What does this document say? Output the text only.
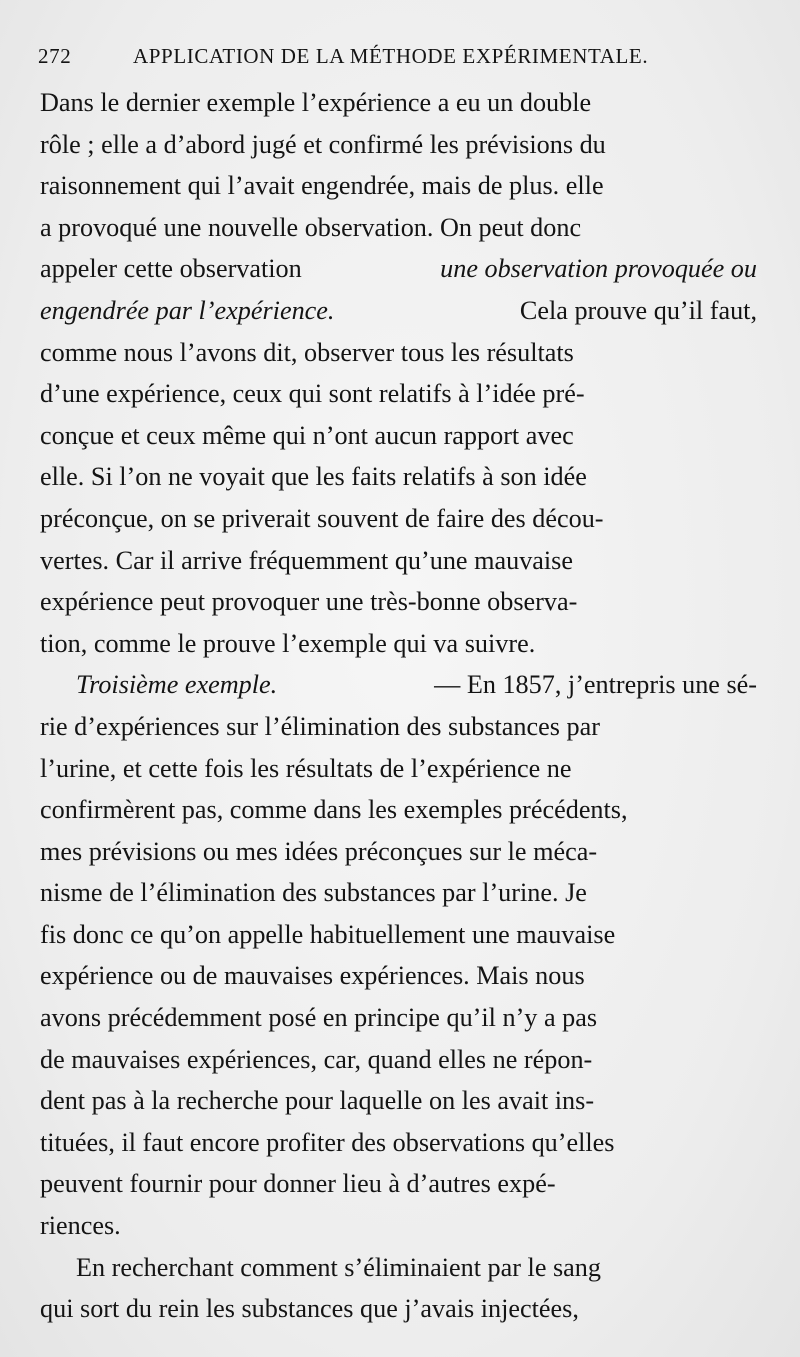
272	APPLICATION DE LA MÉTHODE EXPÉRIMENTALE.
Dans le dernier exemple l’expérience a eu un double
rôle ; elle a d’abord jugé et confirmé les prévisions du
raisonnement qui l’avait engendrée, mais de plus. elle
a provoqué une nouvelle observation. On peut donc
appeler cette observation	une observation provoquée ou
engendrée par l’expérience.	Cela prouve qu’il faut,
comme nous l’avons dit, observer tous les résultats
d’une expérience, ceux qui sont relatifs à l’idée pré-
conçue et ceux même qui n’ont aucun rapport avec
elle. Si l’on ne voyait que les faits relatifs à son idée
préconçue, on se priverait souvent de faire des décou-
vertes. Car il arrive fréquemment qu’une mauvaise
expérience peut provoquer une très-bonne observa-
tion, comme le prouve l’exemple qui va suivre.
Troisième exemple.	— En 1857, j’entrepris une sé-
rie d’expériences sur l’élimination des substances par
l’urine, et cette fois les résultats de l’expérience ne
confirmèrent pas, comme dans les exemples précédents,
mes prévisions ou mes idées préconçues sur le méca-
nisme de l’élimination des substances par l’urine. Je
fis donc ce qu’on appelle habituellement une mauvaise
expérience ou de mauvaises expériences. Mais nous
avons précédemment posé en principe qu’il n’y a pas
de mauvaises expériences, car, quand elles ne répon-
dent pas à la recherche pour laquelle on les avait ins-
tituées, il faut encore profiter des observations qu’elles
peuvent fournir pour donner lieu à d’autres expé-
riences.
En recherchant comment s’éliminaient par le sang
qui sort du rein les substances que j’avais injectées,
